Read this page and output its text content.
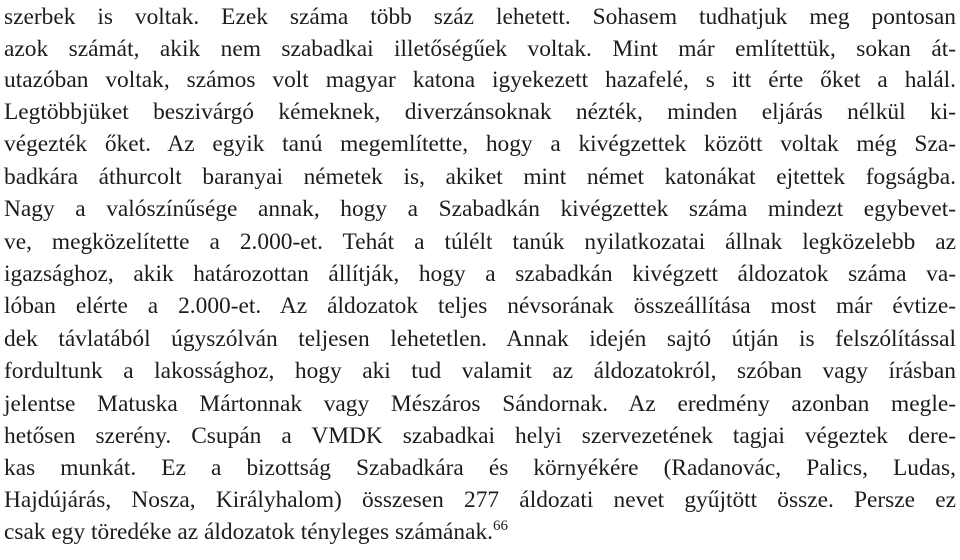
szerbek is voltak. Ezek száma több száz lehetett. Sohasem tudhatjuk meg pontosan
azok számát, akik nem szabadkai illetőségűek voltak. Mint már említettük, sokan át-
utazóban voltak, számos volt magyar katona igyekezett hazafelé, s itt érte őket a halál.
Legtöbbjüket beszivárgó kémeknek, diverzánsoknak nézték, minden eljárás nélkül ki-
végezték őket. Az egyik tanú megemlítette, hogy a kivégzettek között voltak még Sza-
badkára áthurcolt baranyai németek is, akiket mint német katonákat ejtettek fogságba.
Nagy a valószínűsége annak, hogy a Szabadkán kivégzettek száma mindezt egybevet-
ve, megközelítette a 2.000-et. Tehát a túlélt tanúk nyilatkozatai állnak legközelebb az
igazsághoz, akik határozottan állítják, hogy a szabadkán kivégzett áldozatok száma va-
lóban elérte a 2.000-et. Az áldozatok teljes névsorának összeállítása most már évtize-
dek távlatából úgyszólván teljesen lehetetlen. Annak idején sajtó útján is felszólítással
fordultunk a lakossághoz, hogy aki tud valamit az áldozatokról, szóban vagy írásban
jelentse Matuska Mártonnak vagy Mészáros Sándornak. Az eredmény azonban megle-
hetősen szerény. Csupán a VMDK szabadkai helyi szervezetének tagjai végeztek dere-
kas munkát. Ez a bizottság Szabadkára és környékére (Radanovác, Palics, Ludas,
Hajdújárás, Nosza, Királyhalom) összesen 277 áldozati nevet gyűjtött össze. Persze ez
csak egy töredéke az áldozatok tényleges számának.$^{66}$
